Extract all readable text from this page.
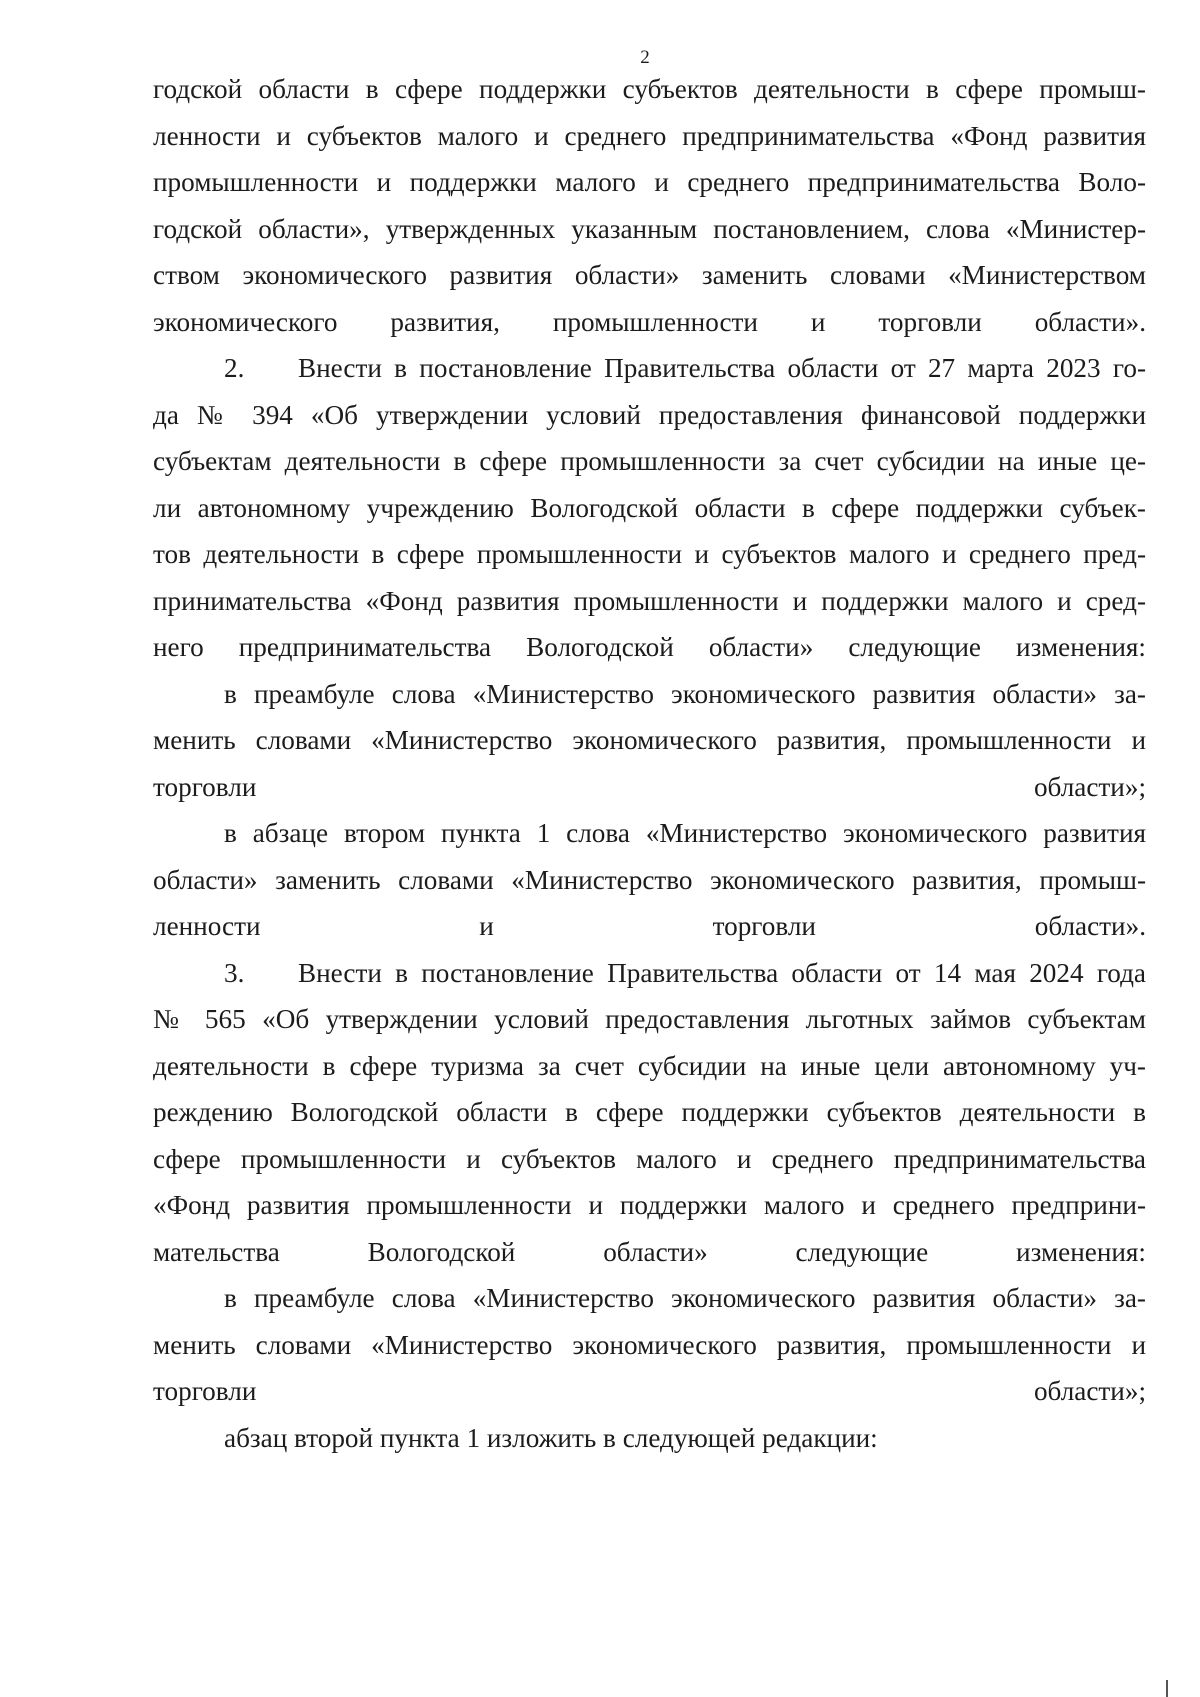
2

годской области в сфере поддержки субъектов деятельности в сфере промыш-
ленности и субъектов малого и среднего предпринимательства «Фонд развития
промышленности и поддержки малого и среднего предпринимательства Воло-
годской области», утвержденных указанным постановлением, слова «Министер-
ством экономического развития области» заменить словами «Министерством
экономического развития, промышленности и торговли области».

2. Внести в постановление Правительства области от 27 марта 2023 го-
да № 394 «Об утверждении условий предоставления финансовой поддержки
субъектам деятельности в сфере промышленности за счет субсидии на иные це-
ли автономному учреждению Вологодской области в сфере поддержки субъек-
тов деятельности в сфере промышленности и субъектов малого и среднего пред-
принимательства «Фонд развития промышленности и поддержки малого и сред-
него предпринимательства Вологодской области» следующие изменения:

в преамбуле слова «Министерство экономического развития области» за-
менить словами «Министерство экономического развития, промышленности и
торговли области»;

в абзаце втором пункта 1 слова «Министерство экономического развития
области» заменить словами «Министерство экономического развития, промыш-
ленности и торговли области».

3. Внести в постановление Правительства области от 14 мая 2024 года
№ 565 «Об утверждении условий предоставления льготных займов субъектам
деятельности в сфере туризма за счет субсидии на иные цели автономному уч-
реждению Вологодской области в сфере поддержки субъектов деятельности в
сфере промышленности и субъектов малого и среднего предпринимательства
«Фонд развития промышленности и поддержки малого и среднего предприни-
мательства Вологодской области» следующие изменения:

в преамбуле слова «Министерство экономического развития области» за-
менить словами «Министерство экономического развития, промышленности и
торговли области»;

абзац второй пункта 1 изложить в следующей редакции:
